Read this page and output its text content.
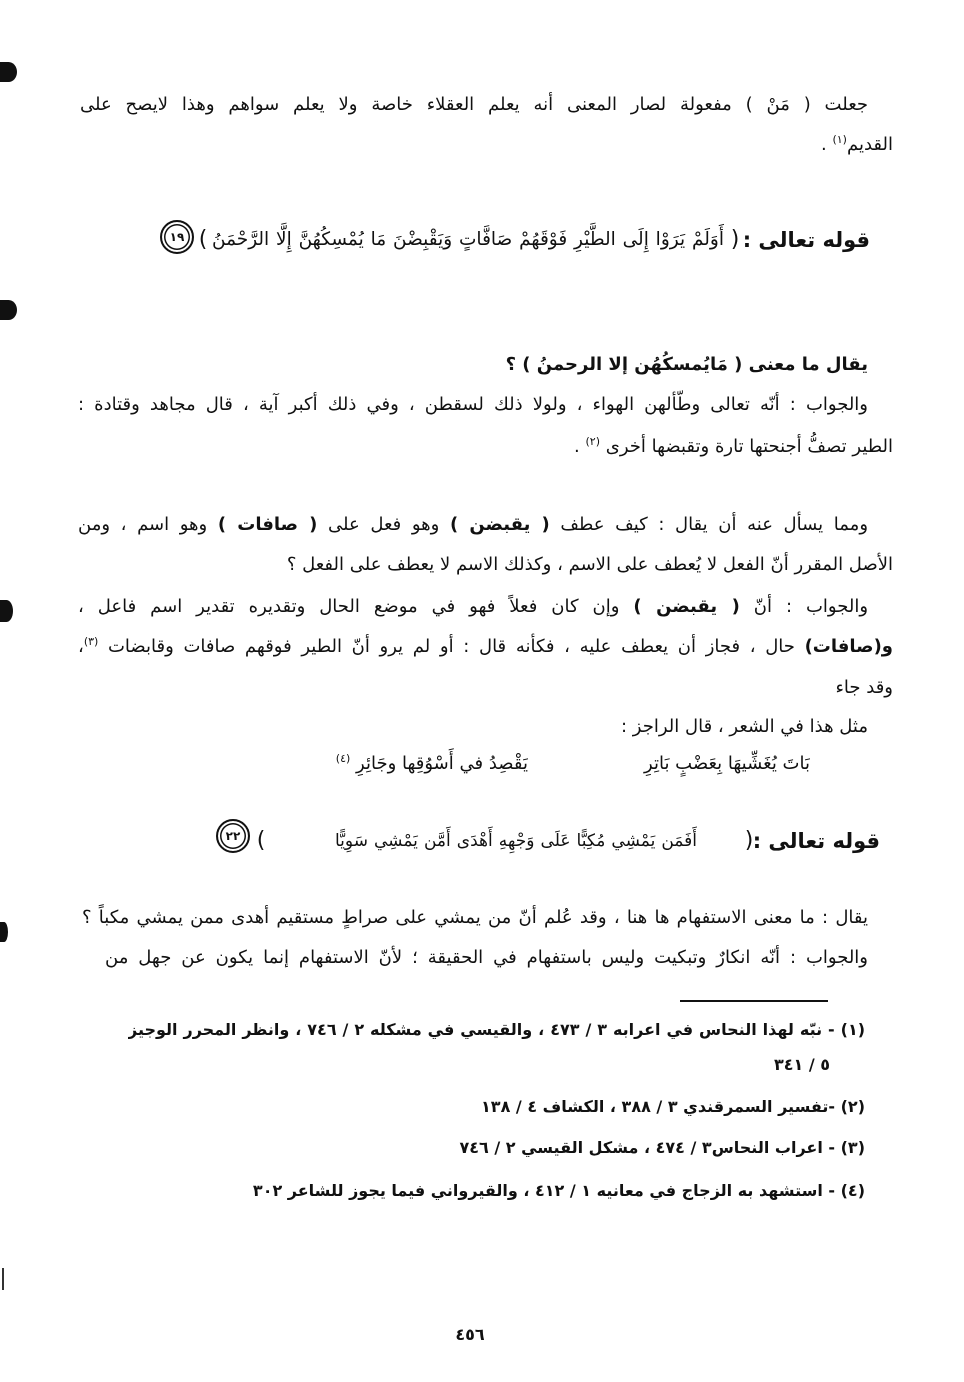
جعلت ( مَنْ ) مفعولة لصار المعنى أنه يعلم العقلاء خاصة ولا يعلم سواهم وهذا لايصح على
القديم$^{(١)}$ .
قوله تعالى :
(
أَوَلَمْ يَرَوْا إِلَى الطَّيْرِ فَوْقَهُمْ صَافَّاتٍ وَيَقْبِضْنَ مَا يُمْسِكُهُنَّ إِلَّا الرَّحْمَنُ
)
١٩
يقال ما معنى ( مَايُمسكُهُن إلا الرحمنُ ) ؟
والجواب : أنّه تعالى وطّألهن الهواء ، ولولا ذلك لسقطن ، وفي ذلك أكبر آية ، قال مجاهد وقتادة :
الطير تصفُّ أجنحتها تارة وتقبضها أخرى $^{(٢)}$ .
ومما يسأل عنه أن يقال : كيف عطف ( يقبضن ) وهو فعل على ( صافات ) وهو اسم ، ومن
الأصل المقرر أنّ الفعل لا يُعطف على الاسم ، وكذلك الاسم لا يعطف على الفعل ؟
والجواب : أنّ ( يقبضن ) وإن كان فعلاً فهو في موضع الحال وتقديره تقدير اسم فاعل ،
و(صافات) حال ، فجاز أن يعطف عليه ، فكأنه قال : أو لم يرو أنّ الطير فوقهم صافات وقابضات $^{(٣)}$،
وقد جاء
مثل هذا في الشعر ، قال الراجز :
بَاتَ يُغَشِّيهَا بِعَضْبٍ بَاتِرِ
يَقْصِدُ في أَسْوُقِها وجَائِرِ $^{(٤)}$
قوله تعالى :
(
أَفَمَن يَمْشِي مُكِبًّا عَلَى وَجْهِهِ أَهْدَى أَمَّن يَمْشِي سَوِيًّا
)
٢٢
يقال : ما معنى الاستفهام ها هنا ، وقد عُلم أنّ من يمشي على صراطٍ مستقيم أهدى ممن يمشي مكباً ؟
والجواب : أنّه انكارٌ وتبكيت وليس باستفهام في الحقيقة ؛ لأنّ الاستفهام إنما يكون عن جهل من
(١) - نبّه لهذا النحاس في اعرابه ٣ / ٤٧٣ ، والقيسي في مشكله ٢ / ٧٤٦ ، وانظر المحرر الوجيز
٥ / ٣٤١
(٢) -تفسير السمرقندي ٣ / ٣٨٨ ، الكشاف ٤ / ١٣٨
(٣) - اعراب النحاس٣ / ٤٧٤ ، مشكل القيسي ٢ / ٧٤٦
(٤) - استشهد به الزجاج في معانيه ١ / ٤١٢ ، والقيرواني فيما يجوز للشاعر ٣٠٢
٤٥٦
